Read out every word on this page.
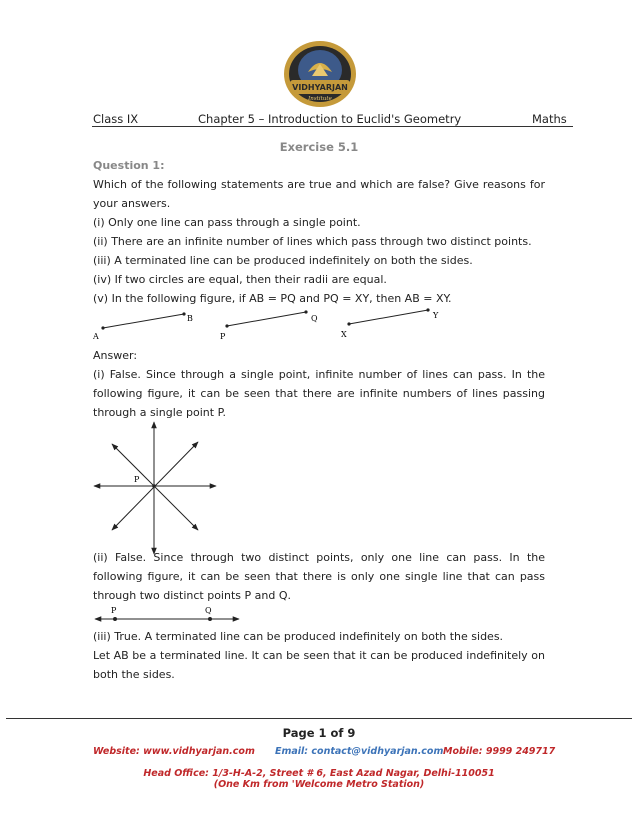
VIDHYARJAN
Institute
Class IX	Chapter 5 – Introduction to Euclid's Geometry	Maths
Exercise 5.1
Question 1:
Which of the following statements are true and which are false? Give reasons for your answers.
(i) Only one line can pass through a single point.
(ii) There are an infinite number of lines which pass through two distinct points.
(iii) A terminated line can be produced indefinitely on both the sides.
(iv) If two circles are equal, then their radii are equal.
(v) In the following figure, if AB = PQ and PQ = XY, then AB = XY.
A
B
P
Q
X
Y
Answer:
(i) False. Since through a single point, infinite number of lines can pass. In the following figure, it can be seen that there are infinite numbers of lines passing through a single point P.
P
(ii) False. Since through two distinct points, only one line can pass. In the following figure, it can be seen that there is only one single line that can pass through two distinct points P and Q.
P	Q
(iii) True. A terminated line can be produced indefinitely on both the sides.
Let AB be a terminated line. It can be seen that it can be produced indefinitely on both the sides.
Page 1 of 9
Website: www.vidhyarjan.com Email: contact@vidhyarjan.com Mobile: 9999 249717
Head Office: 1/3-H-A-2, Street # 6, East Azad Nagar, Delhi-110051
(One Km from 'Welcome Metro Station)
